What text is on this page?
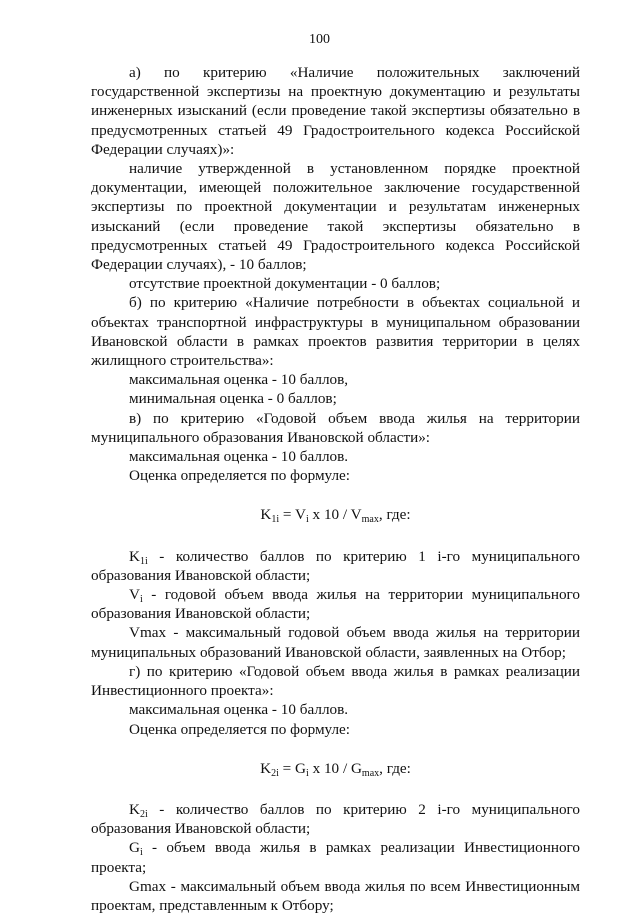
100

а) по критерию «Наличие положительных заключений государственной экспертизы на проектную документацию и результаты инженерных изысканий (если проведение такой экспертизы обязательно в предусмотренных статьей 49 Градостроительного кодекса Российской Федерации случаях)»:

наличие утвержденной в установленном порядке проектной документации, имеющей положительное заключение государственной экспертизы по проектной документации и результатам инженерных изысканий (если проведение такой экспертизы обязательно в предусмотренных статьей 49 Градостроительного кодекса Российской Федерации случаях), - 10 баллов;

отсутствие проектной документации - 0 баллов;

б) по критерию «Наличие потребности в объектах социальной и объектах транспортной инфраструктуры в муниципальном образовании Ивановской области в рамках проектов развития территории в целях жилищного строительства»:

максимальная оценка - 10 баллов,

минимальная оценка - 0 баллов;

в) по критерию «Годовой объем ввода жилья на территории муниципального образования Ивановской области»:

максимальная оценка - 10 баллов.

Оценка определяется по формуле:

$K_{1i} = V_i$ x $10 / V_{max}$, где:

$K_{1i}$ - количество баллов по критерию 1 i-го муниципального образования Ивановской области;

$V_i$ - годовой объем ввода жилья на территории муниципального образования Ивановской области;

Vmax - максимальный годовой объем ввода жилья на территории муниципальных образований Ивановской области, заявленных на Отбор;

г) по критерию «Годовой объем ввода жилья в рамках реализации Инвестиционного проекта»:

максимальная оценка - 10 баллов.

Оценка определяется по формуле:

$K_{2i} = G_i$ x $10 / G_{max}$, где:

$K_{2i}$ - количество баллов по критерию 2 i-го муниципального образования Ивановской области;

$G_i$ - объем ввода жилья в рамках реализации Инвестиционного проекта;

Gmax - максимальный объем ввода жилья по всем Инвестиционным проектам, представленным к Отбору;
